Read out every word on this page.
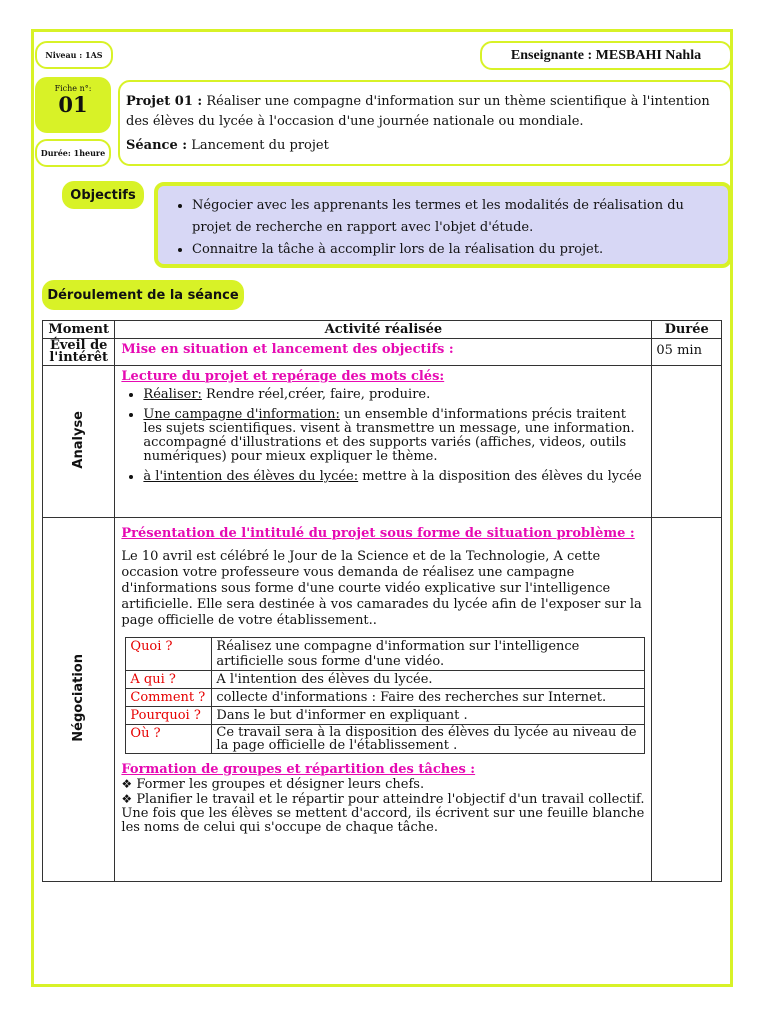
Niveau : 1AS	Enseignante : MESBAHI Nahla
Fiche n°:
01
Durée: 1heure
Projet 01 : Réaliser une compagne d'information sur un thème scientifique à l'intention des élèves du lycée à l'occasion d'une journée nationale ou mondiale.
Séance : Lancement du projet
Objectifs
• Négocier avec les apprenants les termes et les modalités de réalisation du projet de recherche en rapport avec l'objet d'étude.
• Connaitre la tâche à accomplir lors de la réalisation du projet.
Déroulement de la séance
Moment	Activité réalisée	Durée
Éveil de l'intérêt	Mise en situation et lancement des objectifs :	05 min
Analyse	Lecture du projet et repérage des mots clés:
• Réaliser: Rendre réel,créer, faire, produire.
• Une campagne d'information: un ensemble d'informations précis traitent les sujets scientifiques. visent à transmettre un message, une information. accompagné d'illustrations et des supports variés (affiches, videos, outils numériques) pour mieux expliquer le thème.
• à l'intention des élèves du lycée: mettre à la disposition des élèves du lycée

Négociation	Présentation de l'intitulé du projet sous forme de situation problème :

Le 10 avril est célébré le Jour de la Science et de la Technologie, A cette occasion votre professeure vous demanda de réalisez une campagne d'informations sous forme d'une courte vidéo explicative sur l'intelligence artificielle. Elle sera destinée à vos camarades du lycée afin de l'exposer sur la page officielle de votre établissement..

Quoi ?	Réalisez une compagne d'information sur l'intelligence artificielle sous forme d'une vidéo.
A qui ?	A l'intention des élèves du lycée.
Comment ?	collecte d'informations : Faire des recherches sur Internet.
Pourquoi ?	Dans le but d'informer en expliquant .
Où ?	Ce travail sera à la disposition des élèves du lycée au niveau de la page officielle de l'établissement .
Formation de groupes et répartition des tâches :
❖ Former les groupes et désigner leurs chefs.
❖ Planifier le travail et le répartir pour atteindre l'objectif d'un travail collectif.
Une fois que les élèves se mettent d'accord, ils écrivent sur une feuille blanche les noms de celui qui s'occupe de chaque tâche.
